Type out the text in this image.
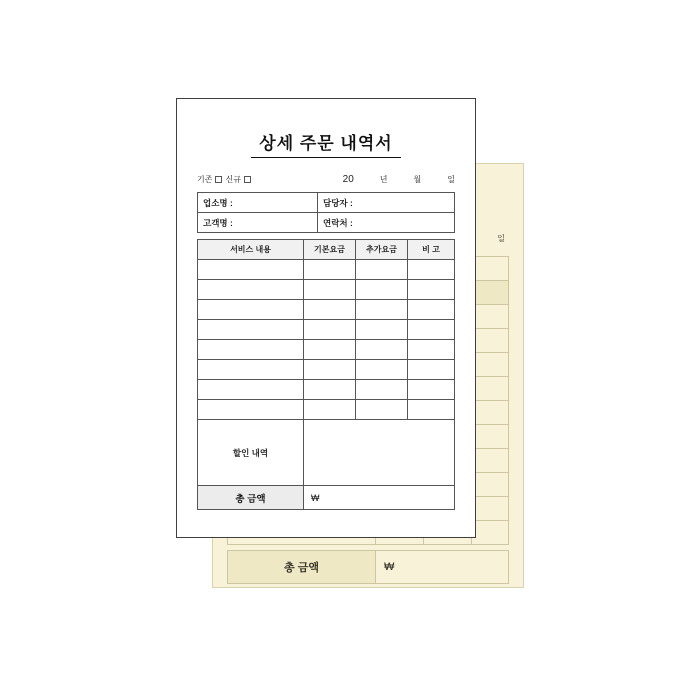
일
총 금액	₩
상세 주문 내역서
기존 신규	20	년	월	일
업소명 :	담당자 :
고객명 :	연락처 :
서비스 내용	기본요금	추가요금	비 고
할인 내역
총 금액	₩
